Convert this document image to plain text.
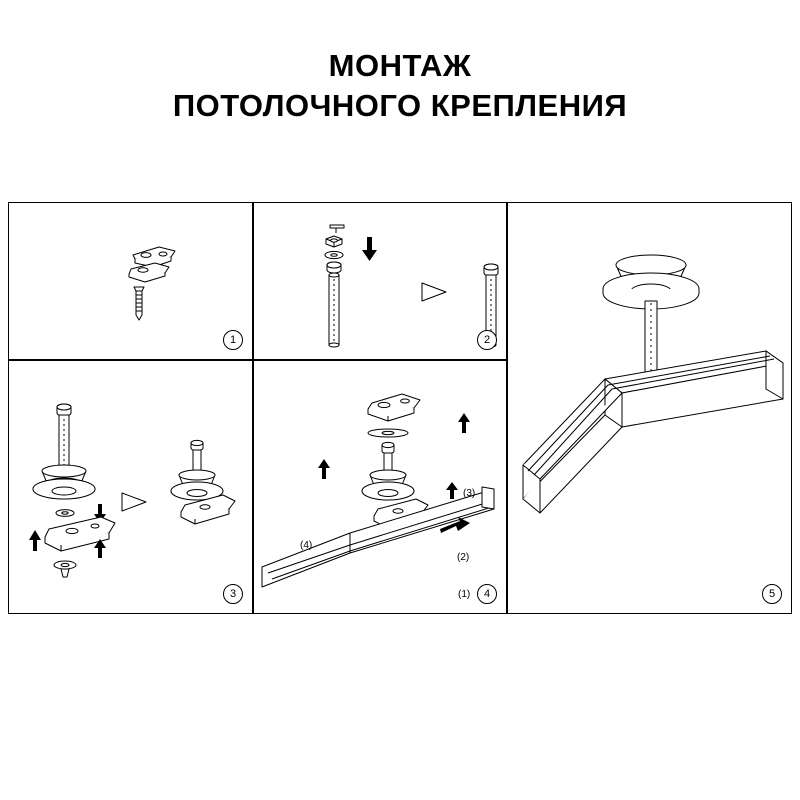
МОНТАЖ
ПОТОЛОЧНОГО КРЕПЛЕНИЯ
1	2
3
(3)
(2)
(4)
(1)	4	5
